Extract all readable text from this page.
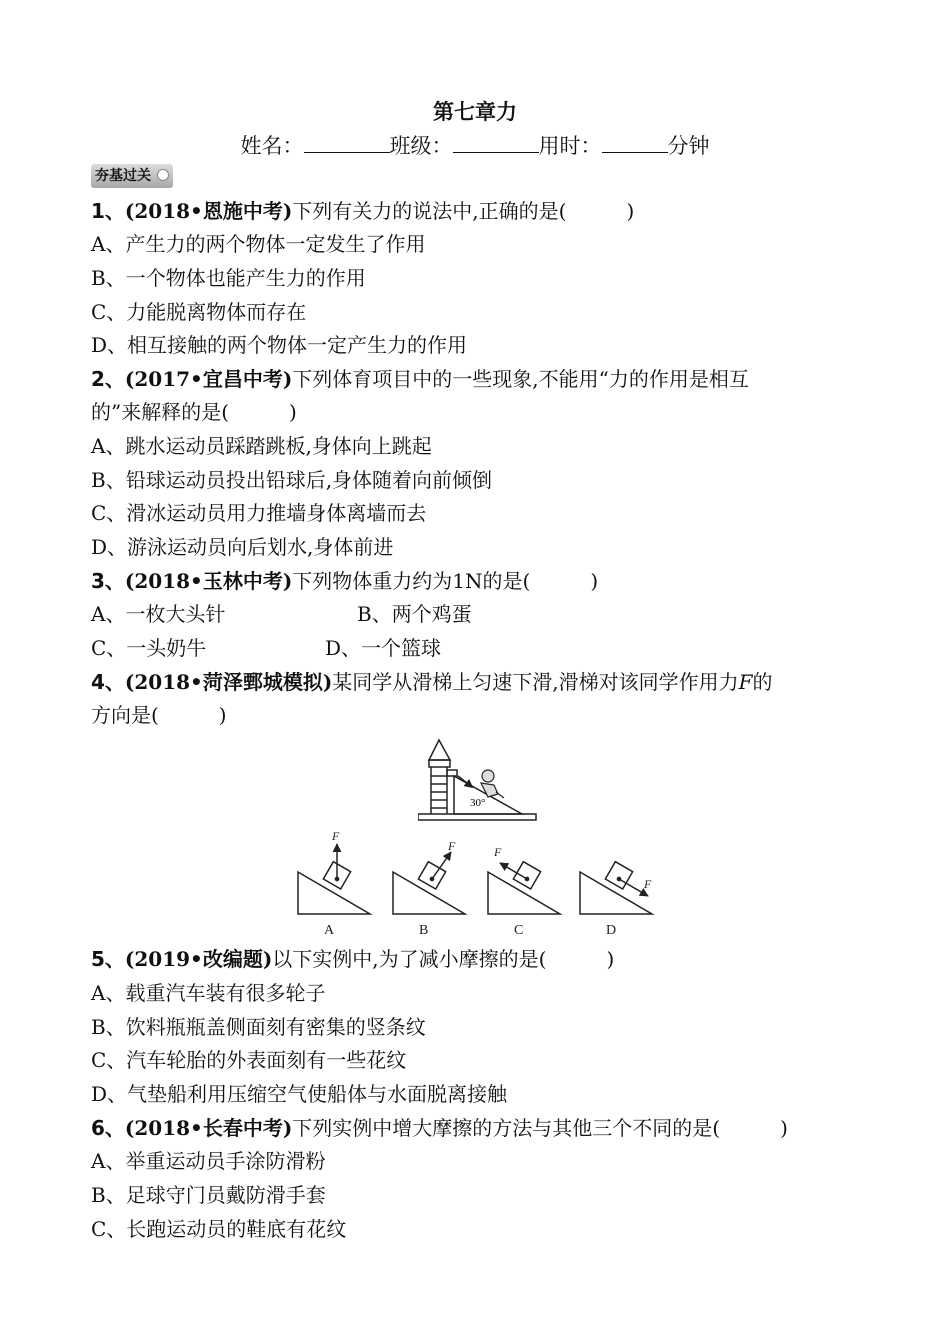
第七章力
姓名：	班级：	用时：	分钟
夯基过关
1、(2018•恩施中考)下列有关力的说法中,正确的是(　　　)
A、产生力的两个物体一定发生了作用
B、一个物体也能产生力的作用
C、力能脱离物体而存在
D、相互接触的两个物体一定产生力的作用
2、(2017•宜昌中考)下列体育项目中的一些现象,不能用“力的作用是相互
的”来解释的是(　　　)
A、跳水运动员踩踏跳板,身体向上跳起
B、铅球运动员投出铅球后,身体随着向前倾倒
C、滑冰运动员用力推墙身体离墙而去
D、游泳运动员向后划水,身体前进
3、(2018•玉林中考)下列物体重力约为1N的是(　　　)
A、一枚大头针	B、两个鸡蛋
C、一头奶牛	D、一个篮球
4、(2018•菏泽鄄城模拟)某同学从滑梯上匀速下滑,滑梯对该同学作用力F的
方向是(　　　)
30°
F
F	F
F
A	B	C	D
5、(2019•改编题)以下实例中,为了减小摩擦的是(　　　)
A、载重汽车装有很多轮子
B、饮料瓶瓶盖侧面刻有密集的竖条纹
C、汽车轮胎的外表面刻有一些花纹
D、气垫船利用压缩空气使船体与水面脱离接触
6、(2018•长春中考)下列实例中增大摩擦的方法与其他三个不同的是(　　　)
A、举重运动员手涂防滑粉
B、足球守门员戴防滑手套
C、长跑运动员的鞋底有花纹
